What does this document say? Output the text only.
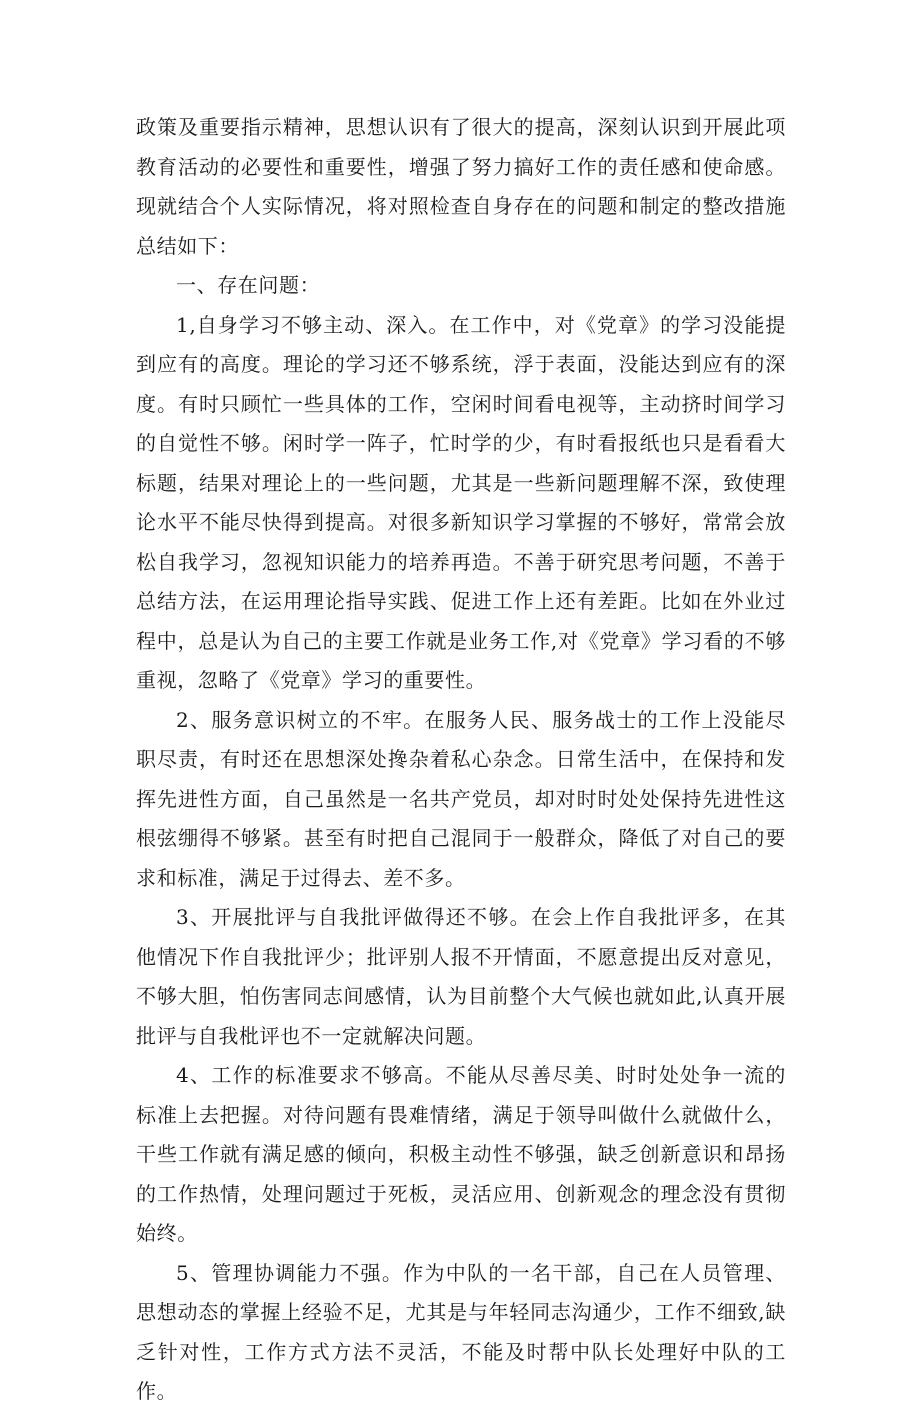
政策及重要指示精神，思想认识有了很大的提高，深刻认识到开展此项教育活动的必要性和重要性，增强了努力搞好工作的责任感和使命感。现就结合个人实际情况，将对照检查自身存在的问题和制定的整改措施总结如下：

一、存在问题：

1,自身学习不够主动、深入。在工作中，对《党章》的学习没能提到应有的高度。理论的学习还不够系统，浮于表面，没能达到应有的深度。有时只顾忙一些具体的工作，空闲时间看电视等，主动挤时间学习的自觉性不够。闲时学一阵子，忙时学的少，有时看报纸也只是看看大标题，结果对理论上的一些问题，尤其是一些新问题理解不深，致使理论水平不能尽快得到提高。对很多新知识学习掌握的不够好，常常会放松自我学习，忽视知识能力的培养再造。不善于研究思考问题，不善于总结方法，在运用理论指导实践、促进工作上还有差距。比如在外业过程中，总是认为自己的主要工作就是业务工作,对《党章》学习看的不够重视，忽略了《党章》学习的重要性。

2、服务意识树立的不牢。在服务人民、服务战士的工作上没能尽职尽责，有时还在思想深处搀杂着私心杂念。日常生活中，在保持和发挥先进性方面，自己虽然是一名共产党员，却对时时处处保持先进性这根弦绷得不够紧。甚至有时把自己混同于一般群众，降低了对自己的要求和标准，满足于过得去、差不多。

3、开展批评与自我批评做得还不够。在会上作自我批评多，在其他情况下作自我批评少；批评别人报不开情面，不愿意提出反对意见，不够大胆，怕伤害同志间感情，认为目前整个大气候也就如此,认真开展批评与自我枇评也不一定就解决问题。

4、工作的标准要求不够高。不能从尽善尽美、时时处处争一流的标准上去把握。对待问题有畏难情绪，满足于领导叫做什么就做什么，干些工作就有满足感的倾向，积极主动性不够强，缺乏创新意识和昂扬的工作热情，处理问题过于死板，灵活应用、创新观念的理念没有贯彻始终。

5、管理协调能力不强。作为中队的一名干部，自己在人员管理、思想动态的掌握上经验不足，尤其是与年轻同志沟通少，工作不细致,缺乏针对性，工作方式方法不灵活，不能及时帮中队长处理好中队的工作。
